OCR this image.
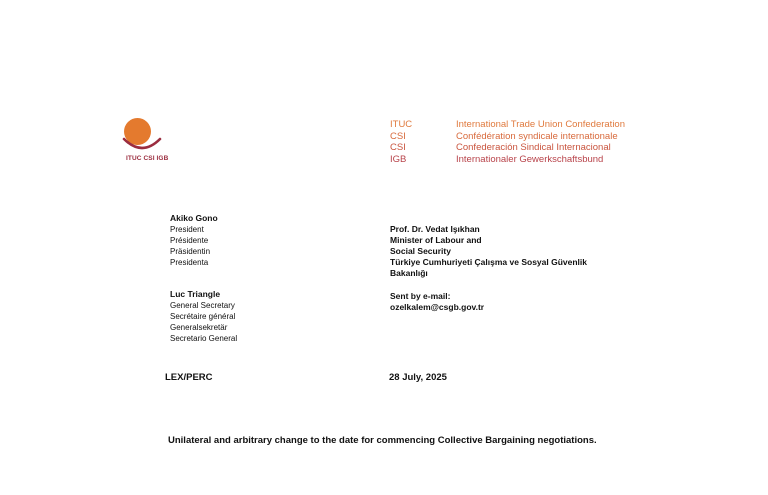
ITUC CSI IGB
ITUC	International Trade Union Confederation
CSI	Confédération syndicale internationale
CSI	Confederación Sindical Internacional
IGB	Internationaler Gewerkschaftsbund
Akiko Gono
President
Présidente
Präsidentin
Presidenta
Luc Triangle
General Secretary
Secrétaire général
Generalsekretär
Secretario General
Prof. Dr. Vedat Işıkhan
Minister of Labour and
Social Security
Türkiye Cumhuriyeti Çalışma ve Sosyal Güvenlik
Bakanlığı
Sent by e-mail:
ozelkalem@csgb.gov.tr
LEX/PERC	28 July, 2025
Unilateral and arbitrary change to the date for commencing Collective Bargaining negotiations.
